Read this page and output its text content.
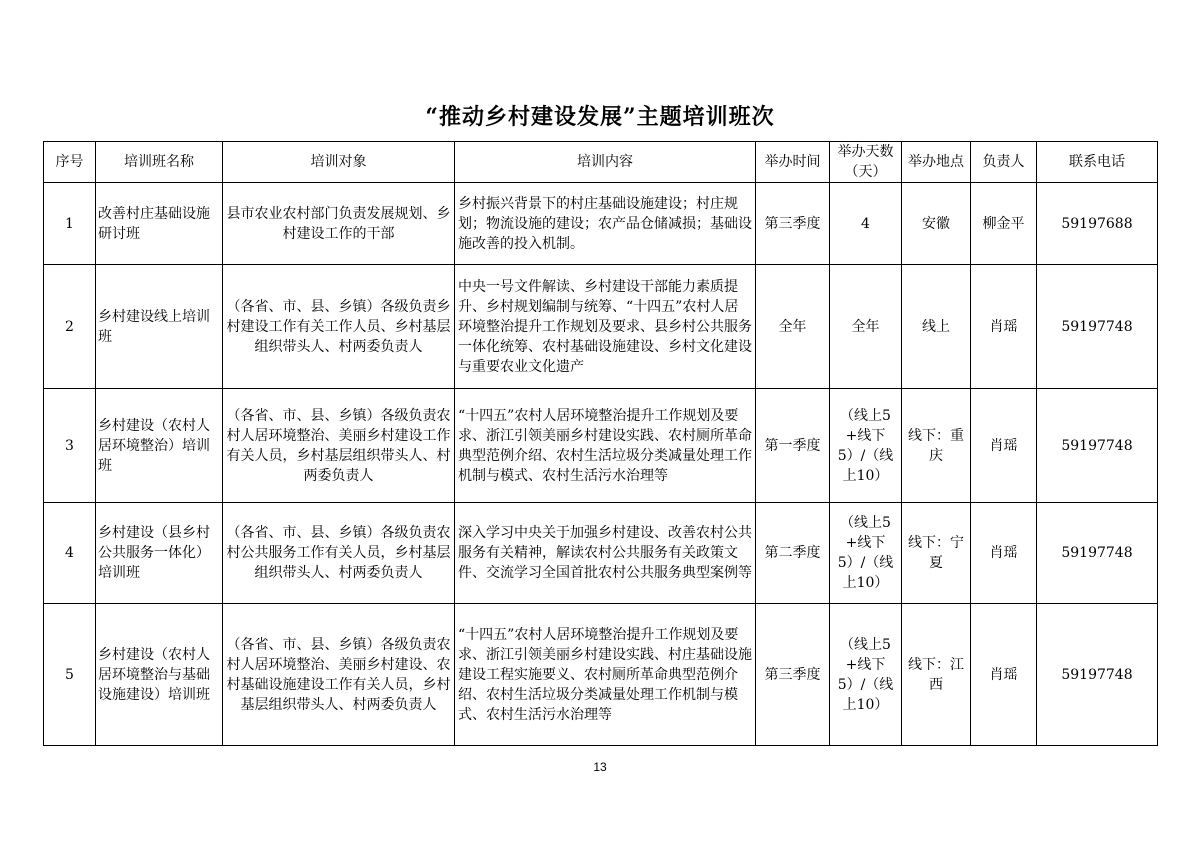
“推动乡村建设发展”主题培训班次
序号	培训班名称	培训对象	培训内容	举办时间	举办天数（天）	举办地点	负责人	联系电话
1	改善村庄基础设施研讨班	县市农业农村部门负责发展规划、乡村建设工作的干部	乡村振兴背景下的村庄基础设施建设；村庄规划；物流设施的建设；农产品仓储减损；基础设施改善的投入机制。	第三季度	4	安徽	柳金平	59197688
2	乡村建设线上培训班	（各省、市、县、乡镇）各级负责乡村建设工作有关工作人员、乡村基层组织带头人、村两委负责人	中央一号文件解读、乡村建设干部能力素质提升、乡村规划编制与统筹、“十四五”农村人居环境整治提升工作规划及要求、县乡村公共服务一体化统筹、农村基础设施建设、乡村文化建设与重要农业文化遗产	全年	全年	线上	肖瑶	59197748
3	乡村建设（农村人居环境整治）培训班	（各省、市、县、乡镇）各级负责农村人居环境整治、美丽乡村建设工作有关人员，乡村基层组织带头人、村两委负责人	“十四五”农村人居环境整治提升工作规划及要求、浙江引领美丽乡村建设实践、农村厕所革命典型范例介绍、农村生活垃圾分类减量处理工作机制与模式、农村生活污水治理等	第一季度	（线上5+线下5）/（线上10）	线下：重庆	肖瑶	59197748
4	乡村建设（县乡村公共服务一体化）培训班	（各省、市、县、乡镇）各级负责农村公共服务工作有关人员，乡村基层组织带头人、村两委负责人	深入学习中央关于加强乡村建设、改善农村公共服务有关精神，解读农村公共服务有关政策文件、交流学习全国首批农村公共服务典型案例等	第二季度	（线上5+线下5）/（线上10）	线下：宁夏	肖瑶	59197748
5	乡村建设（农村人居环境整治与基础设施建设）培训班	（各省、市、县、乡镇）各级负责农村人居环境整治、美丽乡村建设、农村基础设施建设工作有关人员，乡村基层组织带头人、村两委负责人	“十四五”农村人居环境整治提升工作规划及要求、浙江引领美丽乡村建设实践、村庄基础设施建设工程实施要义、农村厕所革命典型范例介绍、农村生活垃圾分类减量处理工作机制与模式、农村生活污水治理等	第三季度	（线上5+线下5）/（线上10）	线下：江西	肖瑶	59197748
13
